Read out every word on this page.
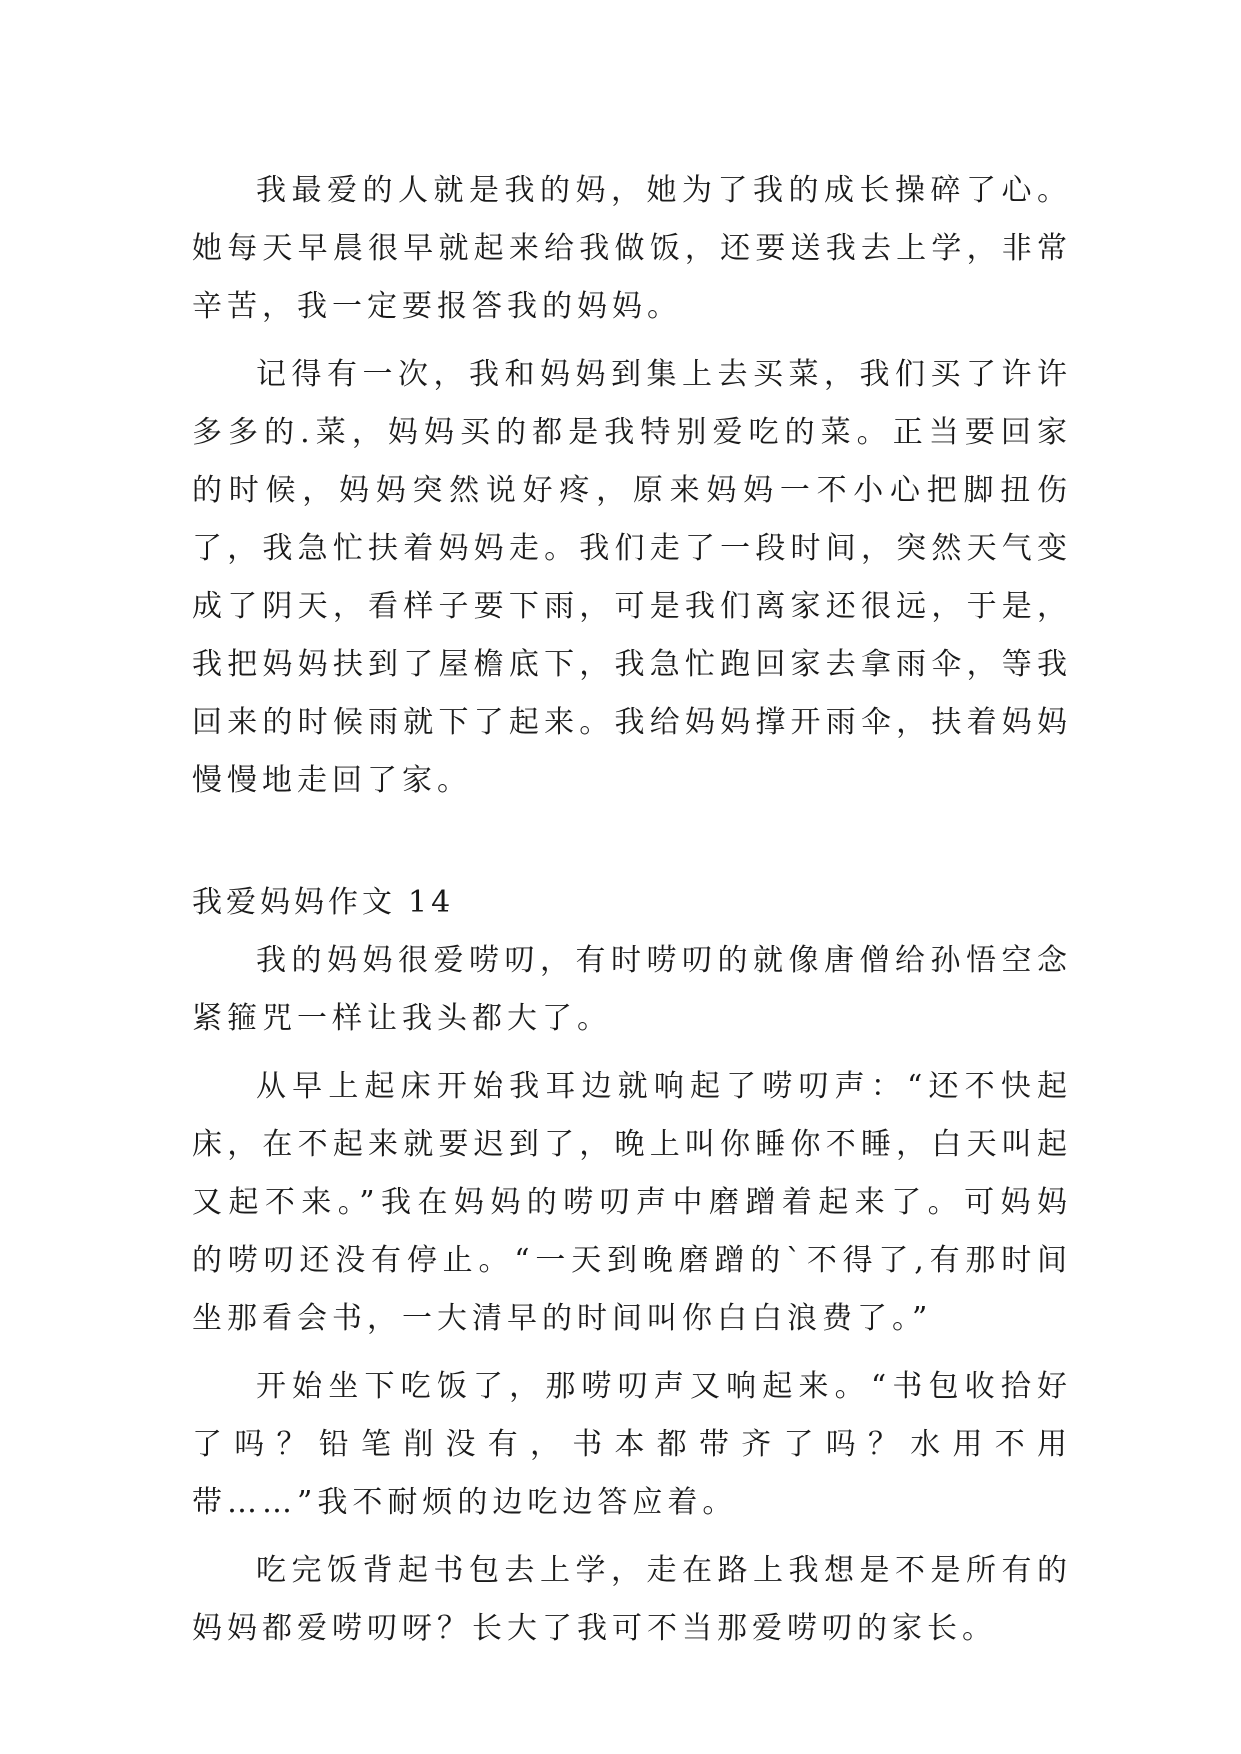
我最爱的人就是我的妈，她为了我的成长操碎了心。她每天早晨很早就起来给我做饭，还要送我去上学，非常辛苦，我一定要报答我的妈妈。

记得有一次，我和妈妈到集上去买菜，我们买了许许多多的.菜，妈妈买的都是我特别爱吃的菜。正当要回家的时候，妈妈突然说好疼，原来妈妈一不小心把脚扭伤了，我急忙扶着妈妈走。我们走了一段时间，突然天气变成了阴天，看样子要下雨，可是我们离家还很远，于是，我把妈妈扶到了屋檐底下，我急忙跑回家去拿雨伞，等我回来的时候雨就下了起来。我给妈妈撑开雨伞，扶着妈妈慢慢地走回了家。

我爱妈妈作文 14

我的妈妈很爱唠叨，有时唠叨的就像唐僧给孙悟空念紧箍咒一样让我头都大了。

从早上起床开始我耳边就响起了唠叨声：“还不快起床，在不起来就要迟到了，晚上叫你睡你不睡，白天叫起又起不来。”我在妈妈的唠叨声中磨蹭着起来了。可妈妈的唠叨还没有停止。“一天到晚磨蹭的`不得了,有那时间坐那看会书，一大清早的时间叫你白白浪费了。”

开始坐下吃饭了，那唠叨声又响起来。“书包收拾好了吗？铅笔削没有，书本都带齐了吗？水用不用带……”我不耐烦的边吃边答应着。

吃完饭背起书包去上学，走在路上我想是不是所有的妈妈都爱唠叨呀？长大了我可不当那爱唠叨的家长。
